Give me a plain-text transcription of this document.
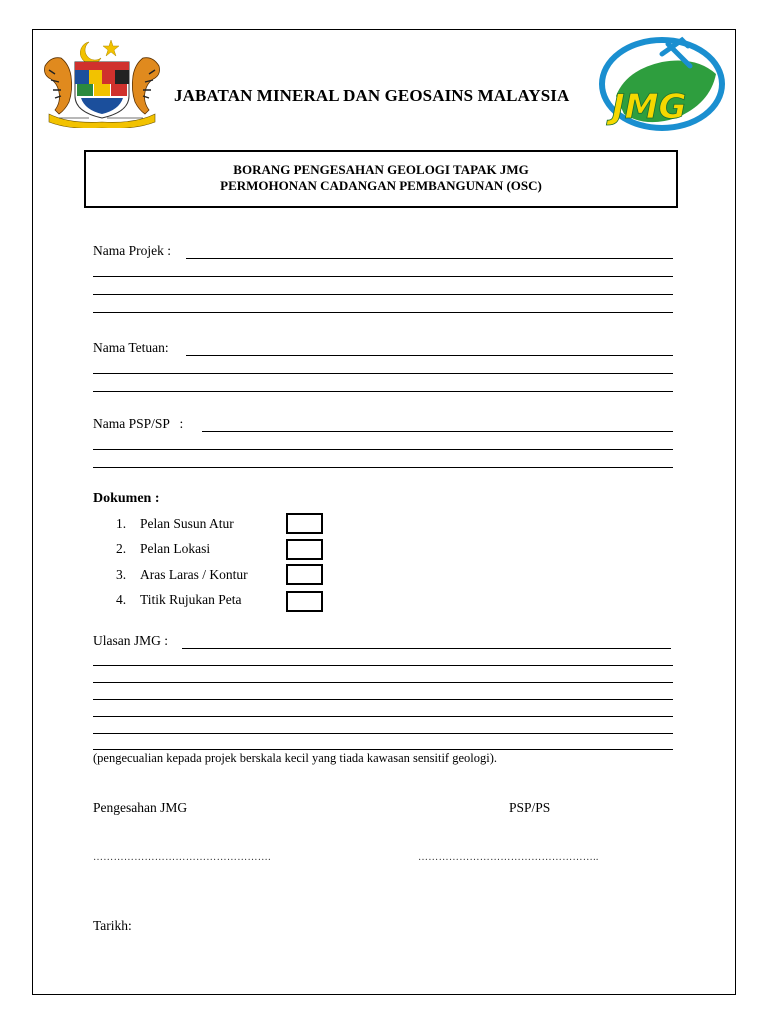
JABATAN MINERAL DAN GEOSAINS MALAYSIA JMG
BORANG PENGESAHAN GEOLOGI TAPAK JMG
PERMOHONAN CADANGAN PEMBANGUNAN (OSC)
Nama Projek :
Nama Tetuan:
Nama PSP/SP   :
Dokumen :
1. Pelan Susun Atur
2. Pelan Lokasi
3. Aras Laras / Kontur
4. Titik Rujukan Peta
Ulasan JMG :
(pengecualian kepada projek berskala kecil yang tiada kawasan sensitif geologi).
Pengesahan JMG	PSP/PS
…………………………………………….	……………………………………………..
Tarikh:
